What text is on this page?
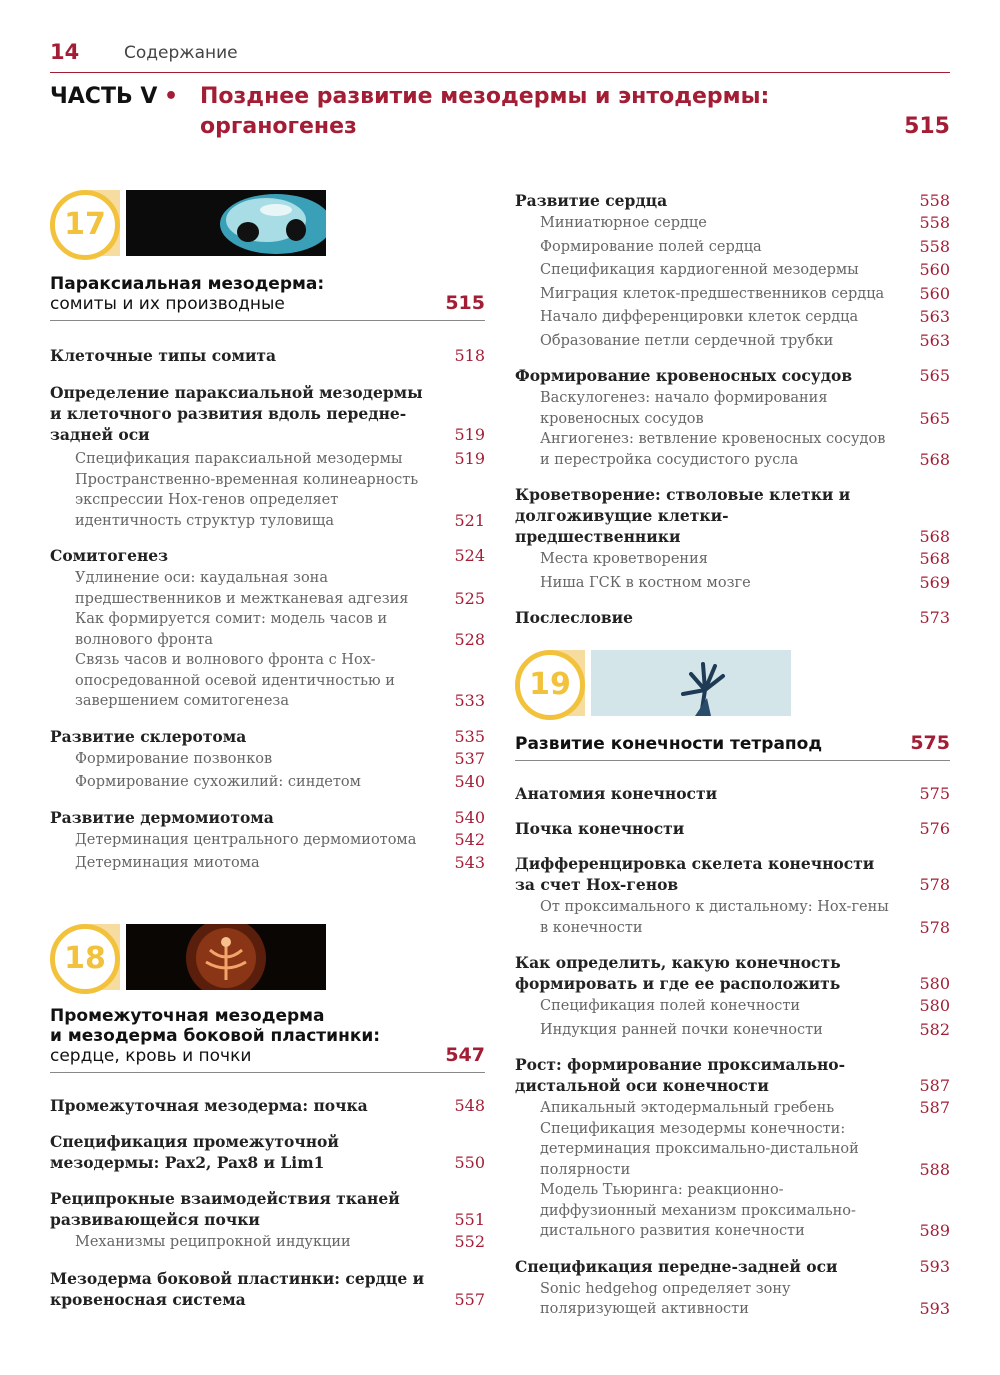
14	Содержание
ЧАСТЬ V • Позднее развитие мезодермы и энтодермы:
органогенез	515
17
Параксиальная мезодерма:
сомиты и их производные	515
Клеточные типы сомита	518
Определение параксиальной мезодермы и клеточного развития вдоль передне-задней оси	519
Спецификация параксиальной мезодермы	519
Пространственно-временная колинеарность экспрессии Hox-генов определяет идентичность структур туловища	521
Сомитогенез	524
Удлинение оси: каудальная зона предшественников и межтканевая адгезия	525
Как формируется сомит: модель часов и волнового фронта	528
Связь часов и волнового фронта с Hox-опосредованной осевой идентичностью и завершением сомитогенеза	533
Развитие склеротома	535
Формирование позвонков	537
Формирование сухожилий: синдетом	540
Развитие дермомиотома	540
Детерминация центрального дермомиотома	542
Детерминация миотома	543
18
Промежуточная мезодерма
и мезодерма боковой пластинки:
сердце, кровь и почки	547
Промежуточная мезодерма: почка	548
Спецификация промежуточной мезодермы: Pax2, Pax8 и Lim1	550
Реципрокные взаимодействия тканей развивающейся почки	551
Механизмы реципрокной индукции	552
Мезодерма боковой пластинки: сердце и кровеносная система	557
Развитие сердца	558
Миниатюрное сердце	558
Формирование полей сердца	558
Спецификация кардиогенной мезодермы	560
Миграция клеток-предшественников сердца	560
Начало дифференцировки клеток сердца	563
Образование петли сердечной трубки	563
Формирование кровеносных сосудов	565
Васкулогенез: начало формирования кровеносных сосудов	565
Ангиогенез: ветвление кровеносных сосудов и перестройка сосудистого русла	568
Кроветворение: стволовые клетки и долгоживущие клетки-предшественники	568
Места кроветворения	568
Ниша ГСК в костном мозге	569
Послесловие	573
19
Развитие конечности тетрапод	575
Анатомия конечности	575
Почка конечности	576
Дифференцировка скелета конечности за счет Hox-генов	578
От проксимального к дистальному: Hox-гены в конечности	578
Как определить, какую конечность формировать и где ее расположить	580
Спецификация полей конечности	580
Индукция ранней почки конечности	582
Рост: формирование проксимально-дистальной оси конечности	587
Апикальный эктодермальный гребень	587
Спецификация мезодермы конечности: детерминация проксимально-дистальной полярности	588
Модель Тьюринга: реакционно-диффузионный механизм проксимально-дистального развития конечности	589
Спецификация передне-задней оси	593
Sonic hedgehog определяет зону поляризующей активности	593
